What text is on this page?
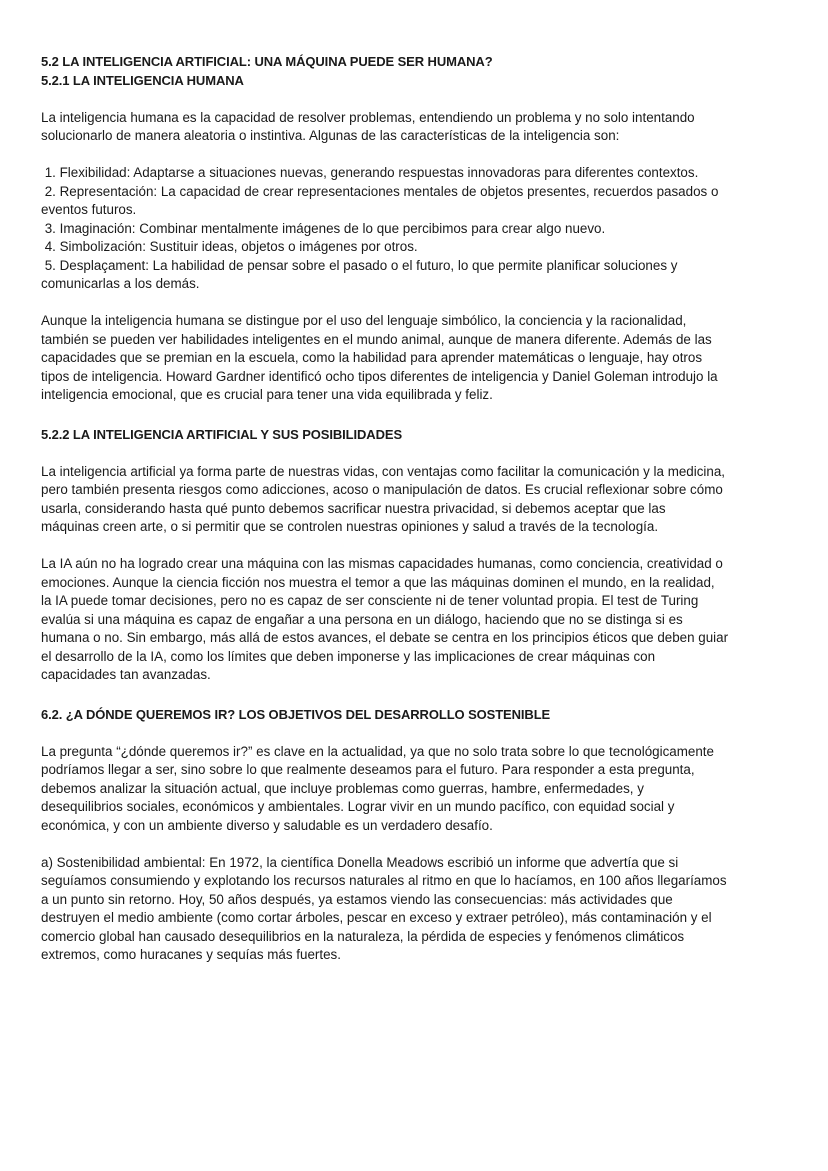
5.2 LA INTELIGENCIA ARTIFICIAL: UNA MÁQUINA PUEDE SER HUMANA?
5.2.1 LA INTELIGENCIA HUMANA
La inteligencia humana es la capacidad de resolver problemas, entendiendo un problema y no solo intentando
solucionarlo de manera aleatoria o instintiva. Algunas de las características de la inteligencia son:
1. Flexibilidad: Adaptarse a situaciones nuevas, generando respuestas innovadoras para diferentes contextos.
2. Representación: La capacidad de crear representaciones mentales de objetos presentes, recuerdos pasados o
eventos futuros.
3. Imaginación: Combinar mentalmente imágenes de lo que percibimos para crear algo nuevo.
4. Simbolización: Sustituir ideas, objetos o imágenes por otros.
5. Desplaçament: La habilidad de pensar sobre el pasado o el futuro, lo que permite planificar soluciones y
comunicarlas a los demás.
Aunque la inteligencia humana se distingue por el uso del lenguaje simbólico, la conciencia y la racionalidad,
también se pueden ver habilidades inteligentes en el mundo animal, aunque de manera diferente. Además de las
capacidades que se premian en la escuela, como la habilidad para aprender matemáticas o lenguaje, hay otros
tipos de inteligencia. Howard Gardner identificó ocho tipos diferentes de inteligencia y Daniel Goleman introdujo la
inteligencia emocional, que es crucial para tener una vida equilibrada y feliz.
5.2.2 LA INTELIGENCIA ARTIFICIAL Y SUS POSIBILIDADES
La inteligencia artificial ya forma parte de nuestras vidas, con ventajas como facilitar la comunicación y la medicina,
pero también presenta riesgos como adicciones, acoso o manipulación de datos. Es crucial reflexionar sobre cómo
usarla, considerando hasta qué punto debemos sacrificar nuestra privacidad, si debemos aceptar que las
máquinas creen arte, o si permitir que se controlen nuestras opiniones y salud a través de la tecnología.
La IA aún no ha logrado crear una máquina con las mismas capacidades humanas, como conciencia, creatividad o
emociones. Aunque la ciencia ficción nos muestra el temor a que las máquinas dominen el mundo, en la realidad,
la IA puede tomar decisiones, pero no es capaz de ser consciente ni de tener voluntad propia. El test de Turing
evalúa si una máquina es capaz de engañar a una persona en un diálogo, haciendo que no se distinga si es
humana o no. Sin embargo, más allá de estos avances, el debate se centra en los principios éticos que deben guiar
el desarrollo de la IA, como los límites que deben imponerse y las implicaciones de crear máquinas con
capacidades tan avanzadas.
6.2. ¿A DÓNDE QUEREMOS IR? LOS OBJETIVOS DEL DESARROLLO SOSTENIBLE
La pregunta “¿dónde queremos ir?” es clave en la actualidad, ya que no solo trata sobre lo que tecnológicamente
podríamos llegar a ser, sino sobre lo que realmente deseamos para el futuro. Para responder a esta pregunta,
debemos analizar la situación actual, que incluye problemas como guerras, hambre, enfermedades, y
desequilibrios sociales, económicos y ambientales. Lograr vivir en un mundo pacífico, con equidad social y
económica, y con un ambiente diverso y saludable es un verdadero desafío.
a) Sostenibilidad ambiental: En 1972, la científica Donella Meadows escribió un informe que advertía que si
seguíamos consumiendo y explotando los recursos naturales al ritmo en que lo hacíamos, en 100 años llegaríamos
a un punto sin retorno. Hoy, 50 años después, ya estamos viendo las consecuencias: más actividades que
destruyen el medio ambiente (como cortar árboles, pescar en exceso y extraer petróleo), más contaminación y el
comercio global han causado desequilibrios en la naturaleza, la pérdida de especies y fenómenos climáticos
extremos, como huracanes y sequías más fuertes.
